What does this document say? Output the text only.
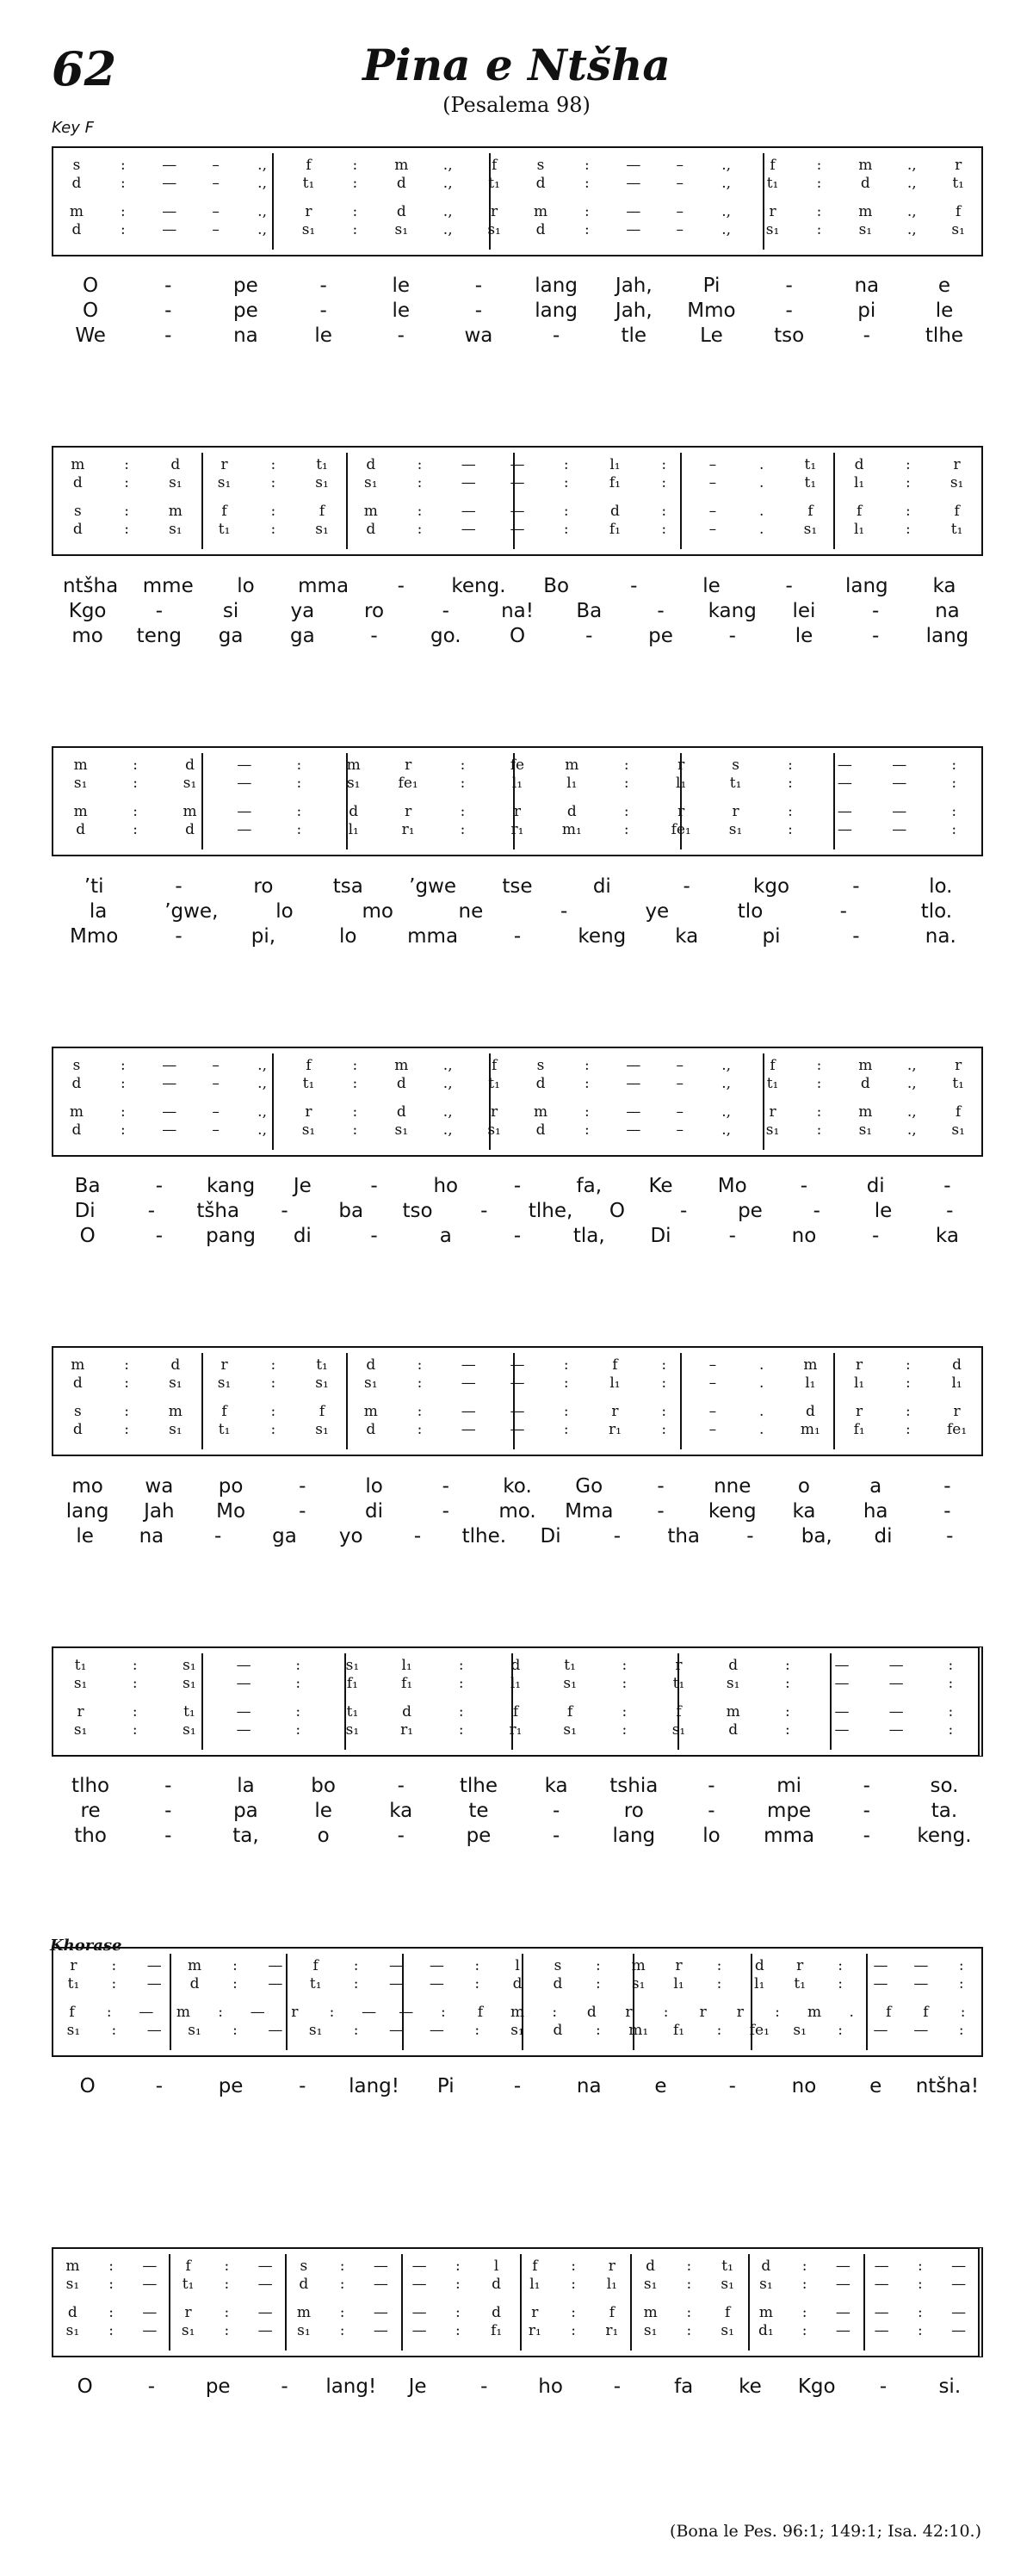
62	Pina e Ntšha
(Pesalema 98)
Key F
Khorase
s	:	—	–	.,	f	:	m	.,	f	s	:	—	–	.,	f	:	m	.,	r
d	:	—	–	.,	t₁	:	d	.,	t₁	d	:	—	–	.,	t₁	:	d	.,	t₁
m	:	—	–	.,	r	:	d	.,	r	m	:	—	–	.,	r	:	m	.,	f
d	:	—	–	.,	s₁	:	s₁	.,	s₁	d	:	—	–	.,	s₁	:	s₁	.,	s₁
O	-	pe	-	le	-	lang	Jah,	Pi	-	na	e
O	-	pe	-	le	-	lang	Jah,	Mmo	-	pi	le
We	-	na	le	-	wa	-	tle	Le	tso	-	tlhe
m	:	d	r	:	t₁	d	:	—	—	:	l₁	:	–	.	t₁	d	:	r
d	:	s₁	s₁	:	s₁	s₁	:	—	—	:	f₁	:	–	.	t₁	l₁	:	s₁
s	:	m	f	:	f	m	:	—	—	:	d	:	–	.	f	f	:	f
d	:	s₁	t₁	:	s₁	d	:	—	—	:	f₁	:	–	.	s₁	l₁	:	t₁
ntšha	mme	lo	mma	-	keng.	Bo	-	le	-	lang	ka
Kgo	-	si	ya	ro	-	na!	Ba	-	kang	lei	-	na
mo	teng	ga	ga	-	go.	O	-	pe	-	le	-	lang
m	:	d	—	:	m	r	:	fe	m	:	r	s	:	—	—	:
s₁	:	s₁	—	:	s₁	fe₁	:	l₁	l₁	:	l₁	t₁	:	—	—	:
m	:	m	—	:	d	r	:	r	d	:	r	r	:	—	—	:
d	:	d	—	:	l₁	r₁	:	r₁	m₁	:	fe₁	s₁	:	—	—	:
’ti	-	ro	tsa	’gwe	tse	di	-	kgo	-	lo.
la	’gwe,	lo	mo	ne	-	ye	tlo	-	tlo.
Mmo	-	pi,	lo	mma	-	keng	ka	pi	-	na.
s	:	—	–	.,	f	:	m	.,	f	s	:	—	–	.,	f	:	m	.,	r
d	:	—	–	.,	t₁	:	d	.,	t₁	d	:	—	–	.,	t₁	:	d	.,	t₁
m	:	—	–	.,	r	:	d	.,	r	m	:	—	–	.,	r	:	m	.,	f
d	:	—	–	.,	s₁	:	s₁	.,	s₁	d	:	—	–	.,	s₁	:	s₁	.,	s₁
Ba	-	kang	Je	-	ho	-	fa,	Ke	Mo	-	di	-
Di	-	tšha	-	ba	tso	-	tlhe,	O	-	pe	-	le	-
O	-	pang	di	-	a	-	tla,	Di	-	no	-	ka
m	:	d	r	:	t₁	d	:	—	—	:	f	:	–	.	m	r	:	d
d	:	s₁	s₁	:	s₁	s₁	:	—	—	:	l₁	:	–	.	l₁	l₁	:	l₁
s	:	m	f	:	f	m	:	—	—	:	r	:	–	.	d	r	:	r
d	:	s₁	t₁	:	s₁	d	:	—	—	:	r₁	:	–	.	m₁	f₁	:	fe₁
mo	wa	po	-	lo	-	ko.	Go	-	nne	o	a	-
lang	Jah	Mo	-	di	-	mo.	Mma	-	keng	ka	ha	-
le	na	-	ga	yo	-	tlhe.	Di	-	tha	-	ba,	di	-
t₁	:	s₁	—	:	s₁	l₁	:	d	t₁	:	r	d	:	—	—	:
s₁	:	s₁	—	:	f₁	f₁	:	l₁	s₁	:	t₁	s₁	:	—	—	:
r	:	t₁	—	:	t₁	d	:	f	f	:	f	m	:	—	—	:
s₁	:	s₁	—	:	s₁	r₁	:	r₁	s₁	:	s₁	d	:	—	—	:
tlho	-	la	bo	-	tlhe	ka	tshia	-	mi	-	so.
re	-	pa	le	ka	te	-	ro	-	mpe	-	ta.
tho	-	ta,	o	-	pe	-	lang	lo	mma	-	keng.
r	:	—	m	:	—	f	:	—	—	:	l	s	:	m	r	:	d	r	:	—	—	:
t₁	:	—	d	:	—	t₁	:	—	—	:	d	d	:	s₁	l₁	:	l₁	t₁	:	—	—	:
f	:	—	m	:	—	r	:	—	—	:	f	m	:	d	r	:	r	r	:	m	.	f	f	:
s₁	:	—	s₁	:	—	s₁	:	—	—	:	s₁	d	:	m₁	f₁	:	fe₁	s₁	:	—	—	:
O	-	pe	-	lang!	Pi	-	na	e	-	no	e	ntšha!
m	:	—	f	:	—	s	:	—	—	:	l	f	:	r	d	:	t₁	d	:	—	—	:	—
s₁	:	—	t₁	:	—	d	:	—	—	:	d	l₁	:	l₁	s₁	:	s₁	s₁	:	—	—	:	—
d	:	—	r	:	—	m	:	—	—	:	d	r	:	f	m	:	f	m	:	—	—	:	—
s₁	:	—	s₁	:	—	s₁	:	—	—	:	f₁	r₁	:	r₁	s₁	:	s₁	d₁	:	—	—	:	—
O	-	pe	-	lang!	Je	-	ho	-	fa	ke	Kgo	-	si.
(Bona le Pes. 96:1; 149:1; Isa. 42:10.)
